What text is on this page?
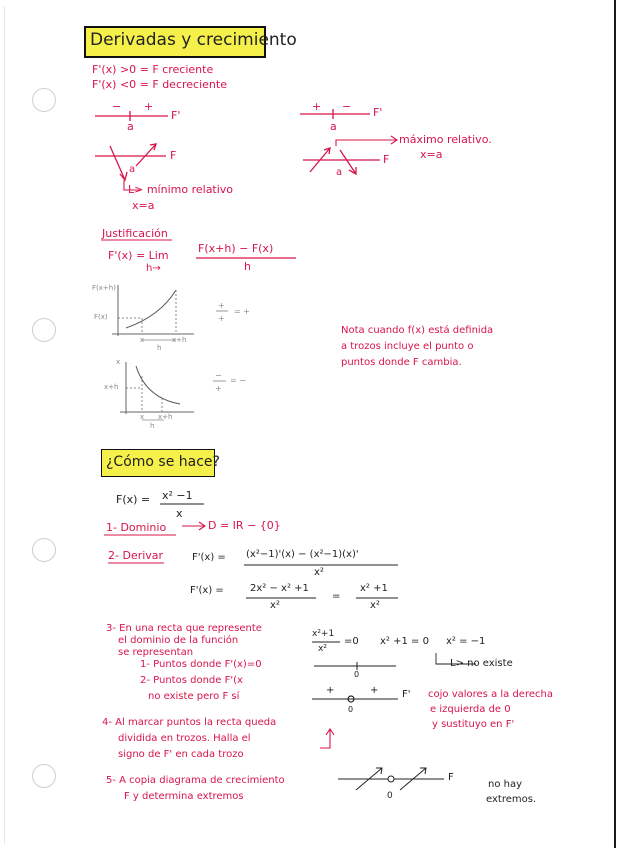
Derivadas y crecimiento
F'(x) >0 = F creciente
F'(x) <0 = F decreciente
− +
a
F'
+ −
a
F'
F
a
L> mínimo relativo
x=a
F
a
máximo relativo.
x=a
Justificación
F'(x) = Lim
h→
F(x+h) − F(x)
h
F(x+h)
F(x)
x	x+h
h
+
+
= +
x
x+h
x x+h
h
−
+
= −
Nota cuando f(x) está definida
a trozos incluye el punto o
puntos donde F cambia.
¿Cómo se hace?
F(x) = x² −1
x
1- Dominio	D = IR − {0}
2- Derivar	F'(x) = (x²−1)'(x) − (x²−1)(x)'
x²
F'(x) =	2x² − x² +1
x²
=
x² +1
x²
3- En una recta que represente
el dominio de la función
se representan
1- Puntos donde F'(x)=0
2- Puntos donde F'(x
no existe pero F sí
x²+1
x²
=0 x² +1 = 0 x² = −1
L> no existe
0
+	+ F'
0
cojo valores a la derecha
e izquierda de 0
y sustituyo en F'
4- Al marcar puntos la recta queda
dividida en trozos. Halla el
signo de F' en cada trozo
5- A copia diagrama de crecimiento
F y determina extremos
F
0
no hay
extremos.
